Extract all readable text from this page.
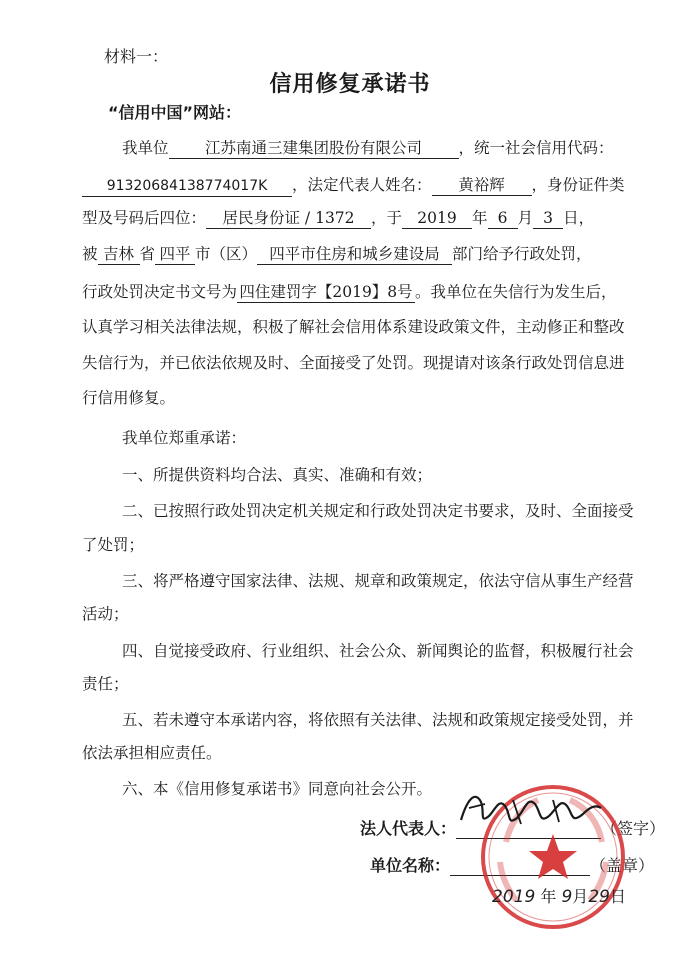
材料一：
信用修复承诺书
“信用中国”网站：
我单位 江苏南通三建集团股份有限公司 ，统一社会信用代码：
91320684138774017K ，法定代表人姓名： 黄裕辉 ，身份证件类
型及号码后四位： 居民身份证 / 1372 ，于 2019 年 6 月 3 日，
被 吉林 省 四平 市（区） 四平市住房和城乡建设局 部门给予行政处罚，
行政处罚决定书文号为 四住建罚字【2019】8号 。我单位在失信行为发生后，
认真学习相关法律法规，积极了解社会信用体系建设政策文件，主动修正和整改
失信行为，并已依法依规及时、全面接受了处罚。现提请对该条行政处罚信息进
行信用修复。
我单位郑重承诺：
一、所提供资料均合法、真实、准确和有效；
二、已按照行政处罚决定机关规定和行政处罚决定书要求，及时、全面接受
了处罚；
三、将严格遵守国家法律、法规、规章和政策规定，依法守信从事生产经营
活动；
四、自觉接受政府、行业组织、社会公众、新闻舆论的监督，积极履行社会
责任；
五、若未遵守本承诺内容，将依照有关法律、法规和政策规定接受处罚，并
依法承担相应责任。
六、本《信用修复承诺书》同意向社会公开。
法人代表人：	（签字）
单位名称：	（盖章）
2019 年 9月29日
